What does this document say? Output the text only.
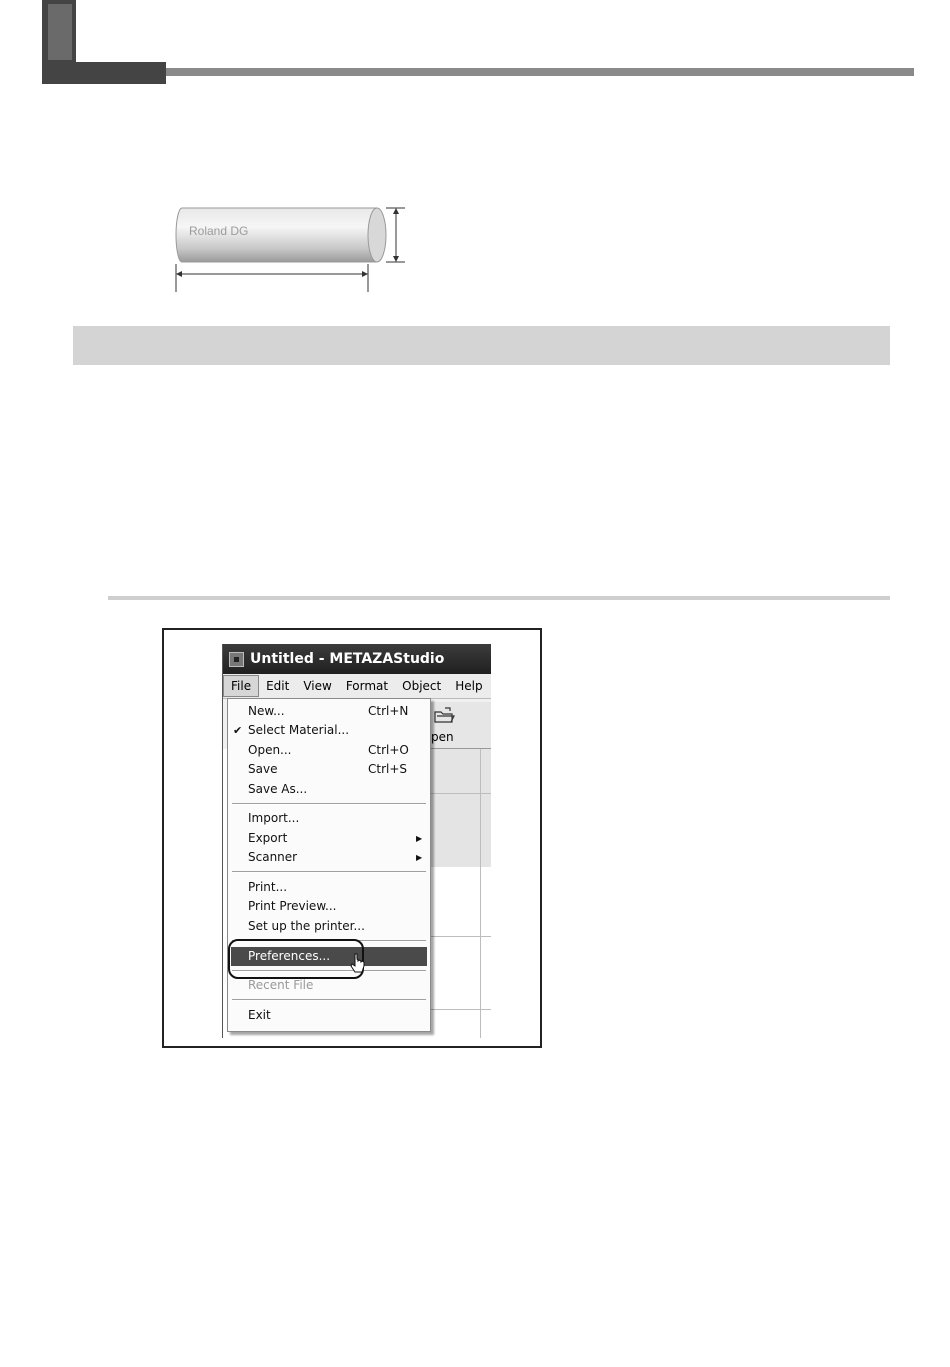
Roland DG
Untitled - METAZAStudio
File	Edit	View	Format	Object	Help
pen
New...	Ctrl+N
✔ Select Material...
Open...	Ctrl+O
Save	Ctrl+S
Save As...
Import...
Export	▶
Scanner	▶
Print...
Print Preview...
Set up the printer...
Preferences...
Recent File
Exit
